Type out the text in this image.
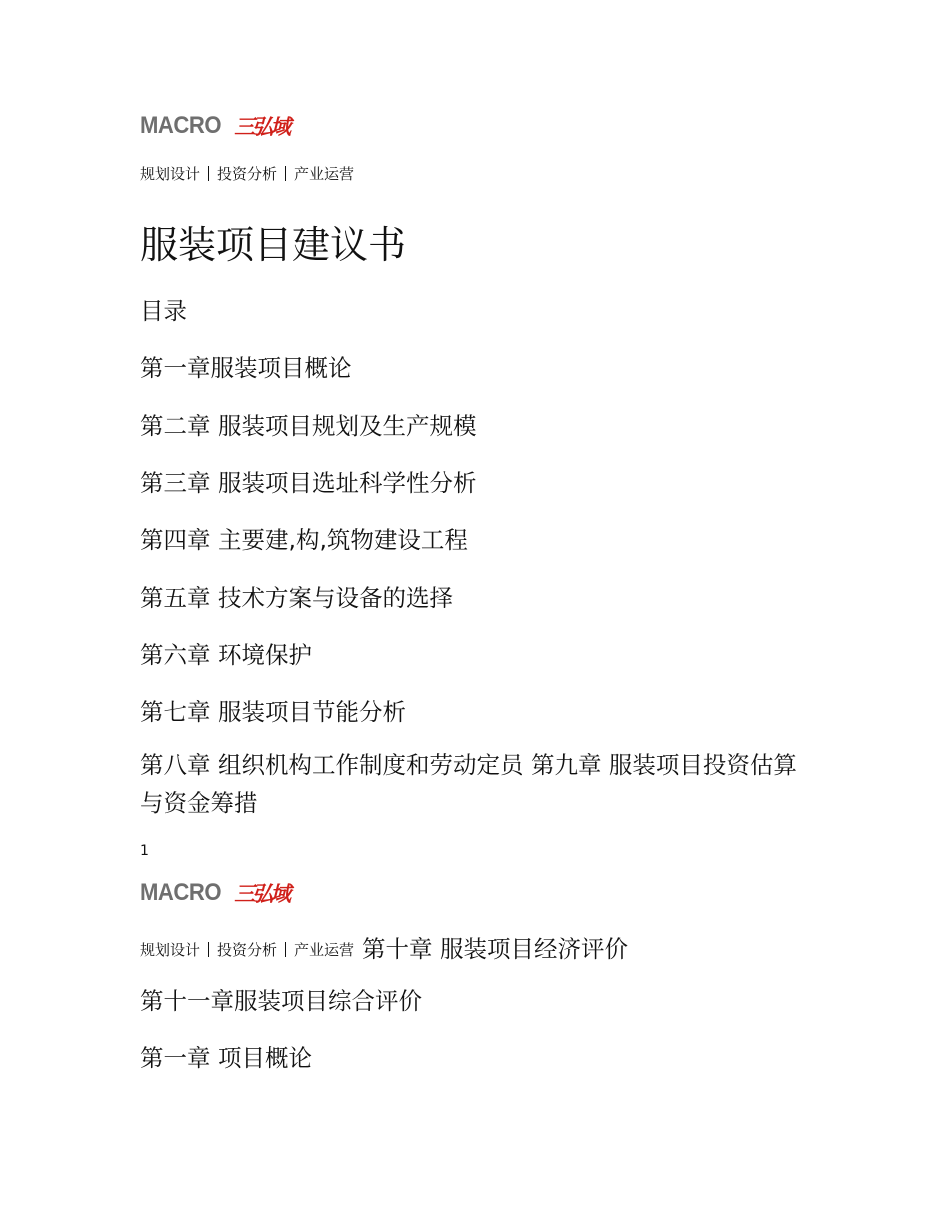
MACRO 三弘域
规划设计 投资分析 产业运营
服装项目建议书
目录
第一章服装项目概论
第二章 服装项目规划及生产规模
第三章 服装项目选址科学性分析
第四章 主要建,构,筑物建设工程
第五章 技术方案与设备的选择
第六章 环境保护
第七章 服装项目节能分析
第八章 组织机构工作制度和劳动定员 第九章 服装项目投资估算与资金筹措
1
MACRO 三弘域
规划设计 投资分析 产业运营 第十章 服装项目经济评价
第十一章服装项目综合评价
第一章 项目概论
